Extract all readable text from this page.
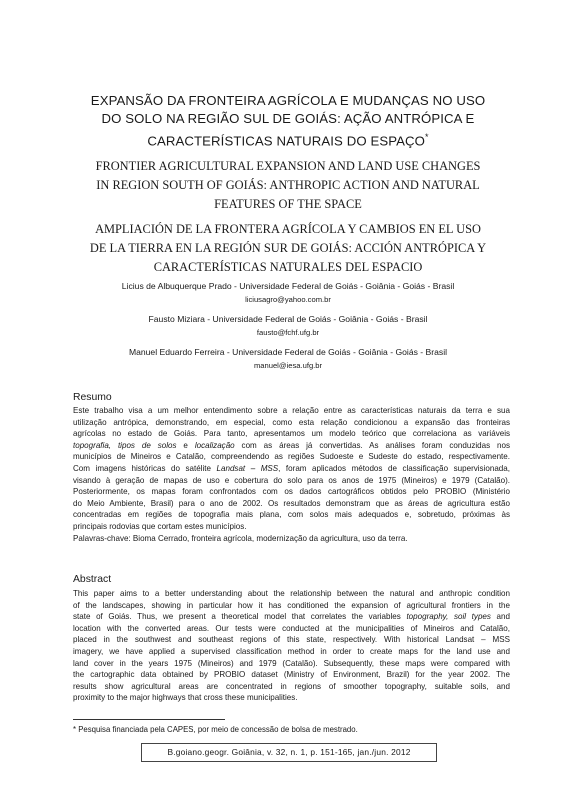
EXPANSÃO DA FRONTEIRA AGRÍCOLA E MUDANÇAS NO USO
DO SOLO NA REGIÃO SUL DE GOIÁS: AÇÃO ANTRÓPICA E
CARACTERÍSTICAS NATURAIS DO ESPAÇO*
FRONTIER AGRICULTURAL EXPANSION AND LAND USE CHANGES
IN REGION SOUTH OF GOIÁS: ANTHROPIC ACTION AND NATURAL
FEATURES OF THE SPACE
AMPLIACIÓN DE LA FRONTERA AGRÍCOLA Y CAMBIOS EN EL USO
DE LA TIERRA EN LA REGIÓN SUR DE GOIÁS: ACCIÓN ANTRÓPICA Y
CARACTERÍSTICAS NATURALES DEL ESPACIO
Licius de Albuquerque Prado - Universidade Federal de Goiás - Goiânia - Goiás - Brasil
liciusagro@yahoo.com.br
Fausto Miziara - Universidade Federal de Goiás - Goiânia - Goiás - Brasil
fausto@fchf.ufg.br
Manuel Eduardo Ferreira - Universidade Federal de Goiás - Goiânia - Goiás - Brasil
manuel@iesa.ufg.br
Resumo
Este trabalho visa a um melhor entendimento sobre a relação entre as características naturais da terra e sua
utilização antrópica, demonstrando, em especial, como esta relação condicionou a expansão das fronteiras
agrícolas no estado de Goiás. Para tanto, apresentamos um modelo teórico que correlaciona as variáveis
topografia, tipos de solos e localização com as áreas já convertidas. As análises foram conduzidas nos
municípios de Mineiros e Catalão, compreendendo as regiões Sudoeste e Sudeste do estado, respectivamente.
Com imagens históricas do satélite Landsat – MSS, foram aplicados métodos de classificação supervisionada,
visando à geração de mapas de uso e cobertura do solo para os anos de 1975 (Mineiros) e 1979 (Catalão).
Posteriormente, os mapas foram confrontados com os dados cartográficos obtidos pelo PROBIO (Ministério
do Meio Ambiente, Brasil) para o ano de 2002. Os resultados demonstram que as áreas de agricultura estão
concentradas em regiões de topografia mais plana, com solos mais adequados e, sobretudo, próximas às
principais rodovias que cortam estes municípios.
Palavras-chave: Bioma Cerrado, fronteira agrícola, modernização da agricultura, uso da terra.
Abstract
This paper aims to a better understanding about the relationship between the natural and anthropic condition
of the landscapes, showing in particular how it has conditioned the expansion of agricultural frontiers in the
state of Goiás. Thus, we present a theoretical model that correlates the variables topography, soil types and
location with the converted areas. Our tests were conducted at the municipalities of Mineiros and Catalão,
placed in the southwest and southeast regions of this state, respectively. With historical Landsat – MSS
imagery, we have applied a supervised classification method in order to create maps for the land use and
land cover in the years 1975 (Mineiros) and 1979 (Catalão). Subsequently, these maps were compared with
the cartographic data obtained by PROBIO dataset (Ministry of Environment, Brazil) for the year 2002. The
results show agricultural areas are concentrated in regions of smoother topography, suitable soils, and
proximity to the major highways that cross these municipalities.
* Pesquisa financiada pela CAPES, por meio de concessão de bolsa de mestrado.
B.goiano.geogr. Goiânia, v. 32, n. 1, p. 151-165, jan./jun. 2012
